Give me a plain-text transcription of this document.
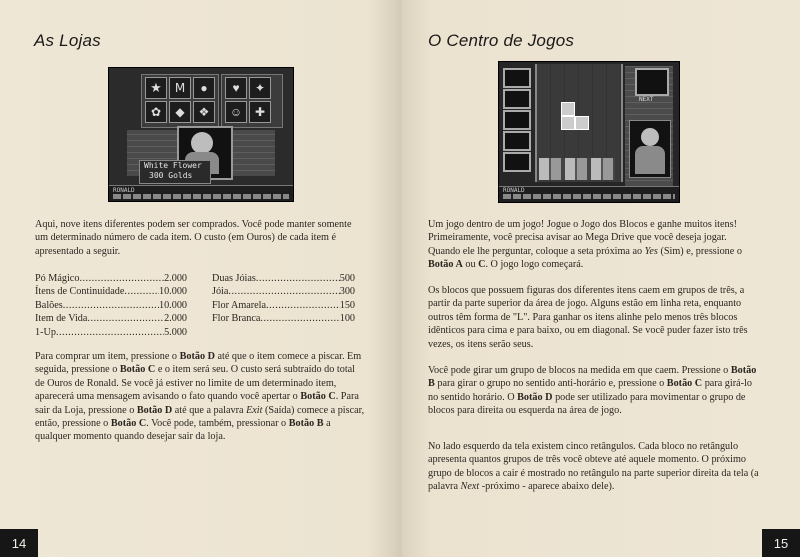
As Lojas
★	M	●
✿	◆	❖
♥	✦
☺	✚
White Flower
300 Golds
RONALD

Aqui, nove itens diferentes podem ser comprados. Você pode manter somente um determinado número de cada item. O custo (em Ouros) de cada item é apresentado a seguir.

Pó Mágico .....	2.000
Ítens de Continuidade .....	10.000
Balões .....	10.000
Item de Vida .....	2.000
1-Up .....	5.000
Duas Jóias .....	500
Jóia .....	300
Flor Amarela .....	150
Flor Branca .....	100

Para comprar um item, pressione o Botão D até que o item comece a piscar. Em seguida, pressione o Botão C e o item será seu. O custo será subtraído do total de Ouros de Ronald. Se você já estiver no limite de um determinado item, aparecerá uma mensagem avisando o fato quando você apertar o Botão C. Para sair da Loja, pressione o Botão D até que a palavra Exit (Saída) comece a piscar, então, pressione o Botão C. Você pode, também, pressionar o Botão B a qualquer momento quando desejar sair da loja.

14
O Centro de Jogos
NEXT
RONALD

Um jogo dentro de um jogo! Jogue o Jogo dos Blocos e ganhe muitos itens! Primeiramente, você precisa avisar ao Mega Drive que você deseja jogar. Quando ele lhe perguntar, coloque a seta próxima ao Yes (Sim) e, pressione o Botão A ou C. O jogo logo começará.

Os blocos que possuem figuras dos diferentes itens caem em grupos de três, a partir da parte superior da área de jogo. Alguns estão em linha reta, enquanto outros têm forma de "L". Para ganhar os itens alinhe pelo menos três blocos idênticos para cima e para baixo, ou em diagonal. Se você puder fazer isto três vezes, os itens serão seus.

Você pode girar um grupo de blocos na medida em que caem. Pressione o Botão B para girar o grupo no sentido anti-horário e, pressione o Botão C para girá-lo no sentido horário. O Botão D pode ser utilizado para movimentar o grupo de blocos para direita ou esquerda na área de jogo.

No lado esquerdo da tela existem cinco retângulos. Cada bloco no retângulo apresenta quantos grupos de três você obteve até aquele momento. O próximo grupo de blocos a cair é mostrado no retângulo na parte superior direita da tela (a palavra Next -próximo - aparece abaixo dele).

15
